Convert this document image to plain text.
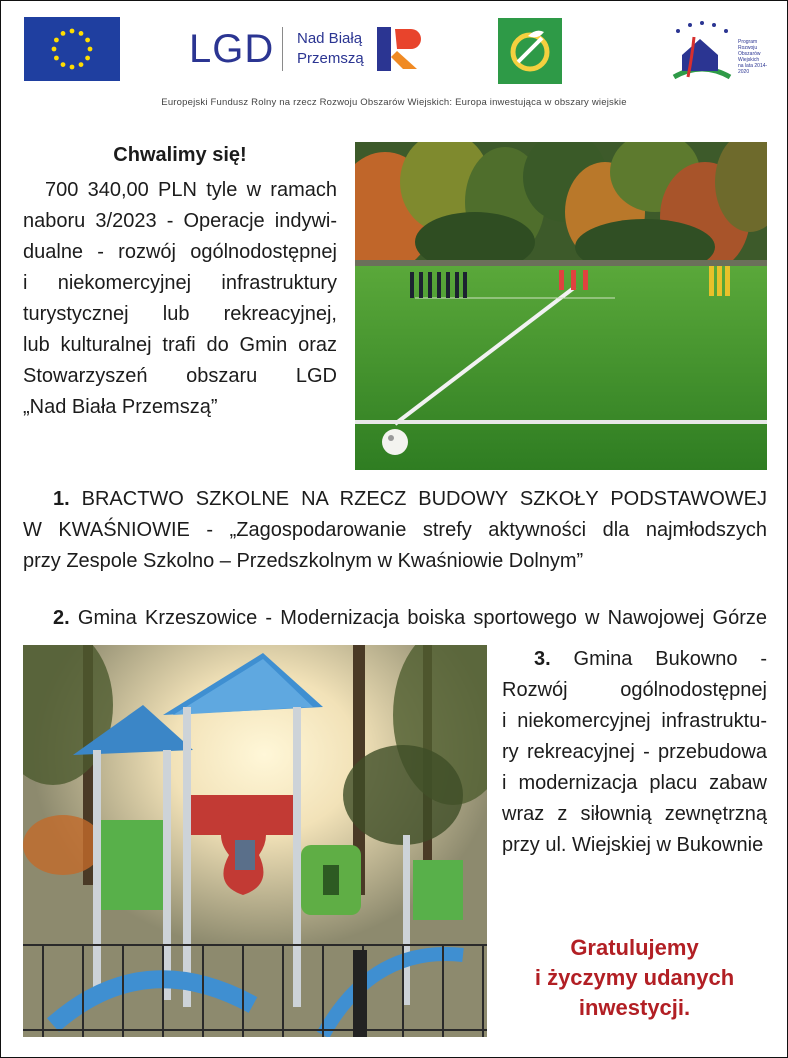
LGD Nad Białą
Przemszą
Program
Rozwoju
Obszarów
Wiejskich
na lata 2014-2020
Europejski Fundusz Rolny na rzecz Rozwoju Obszarów Wiejskich: Europa inwestująca w obszary wiejskie
Chwalimy się!
700 340,00 PLN tyle w ramach
naboru 3/2023 - Operacje indywi-
dualne - rozwój ogólnodostępnej
i niekomercyjnej infrastruktury
turystycznej lub rekreacyjnej,
lub kulturalnej trafi do Gmin oraz
Stowarzyszeń obszaru LGD
„Nad Biała Przemszą”
1. BRACTWO SZKOLNE NA RZECZ BUDOWY SZKOŁY PODSTAWOWEJ
W KWAŚNIOWIE - „Zagospodarowanie strefy aktywności dla najmłodszych
przy Zespole Szkolno – Przedszkolnym w Kwaśniowie Dolnym”
2. Gmina Krzeszowice - Modernizacja boiska sportowego w Nawojowej Górze
3. Gmina Bukowno -
Rozwój ogólnodostępnej
i niekomercyjnej infrastruktu-
ry rekreacyjnej - przebudowa
i modernizacja placu zabaw
wraz z siłownią zewnętrzną
przy ul. Wiejskiej w Bukownie
Gratulujemy
i życzymy udanych
inwestycji.
